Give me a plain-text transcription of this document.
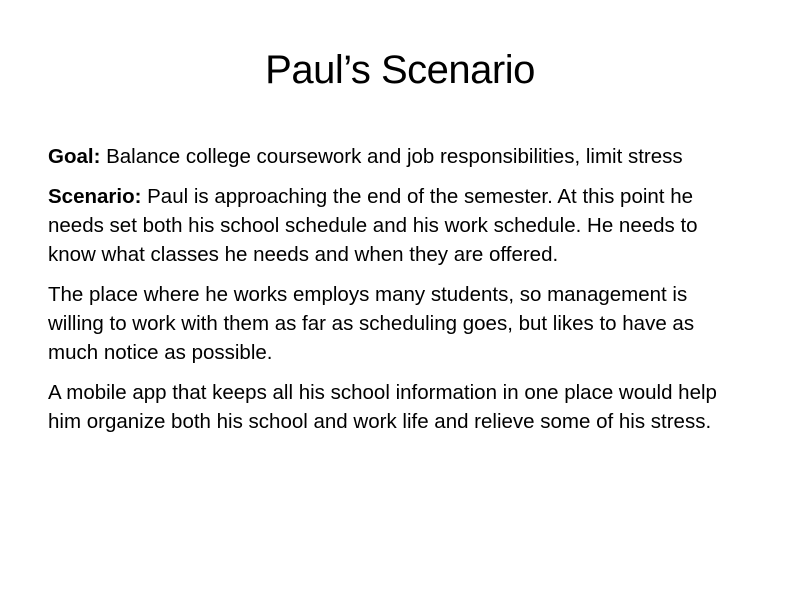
Paul’s Scenario

Goal: Balance college coursework and job responsibilities, limit stress

Scenario: Paul is approaching the end of the semester. At this point he needs set both his school schedule and his work schedule. He needs to know what classes he needs and when they are offered.

The place where he works employs many students, so management is willing to work with them as far as scheduling goes, but likes to have as much notice as possible.

A mobile app that keeps all his school information in one place would help him organize both his school and work life and relieve some of his stress.
